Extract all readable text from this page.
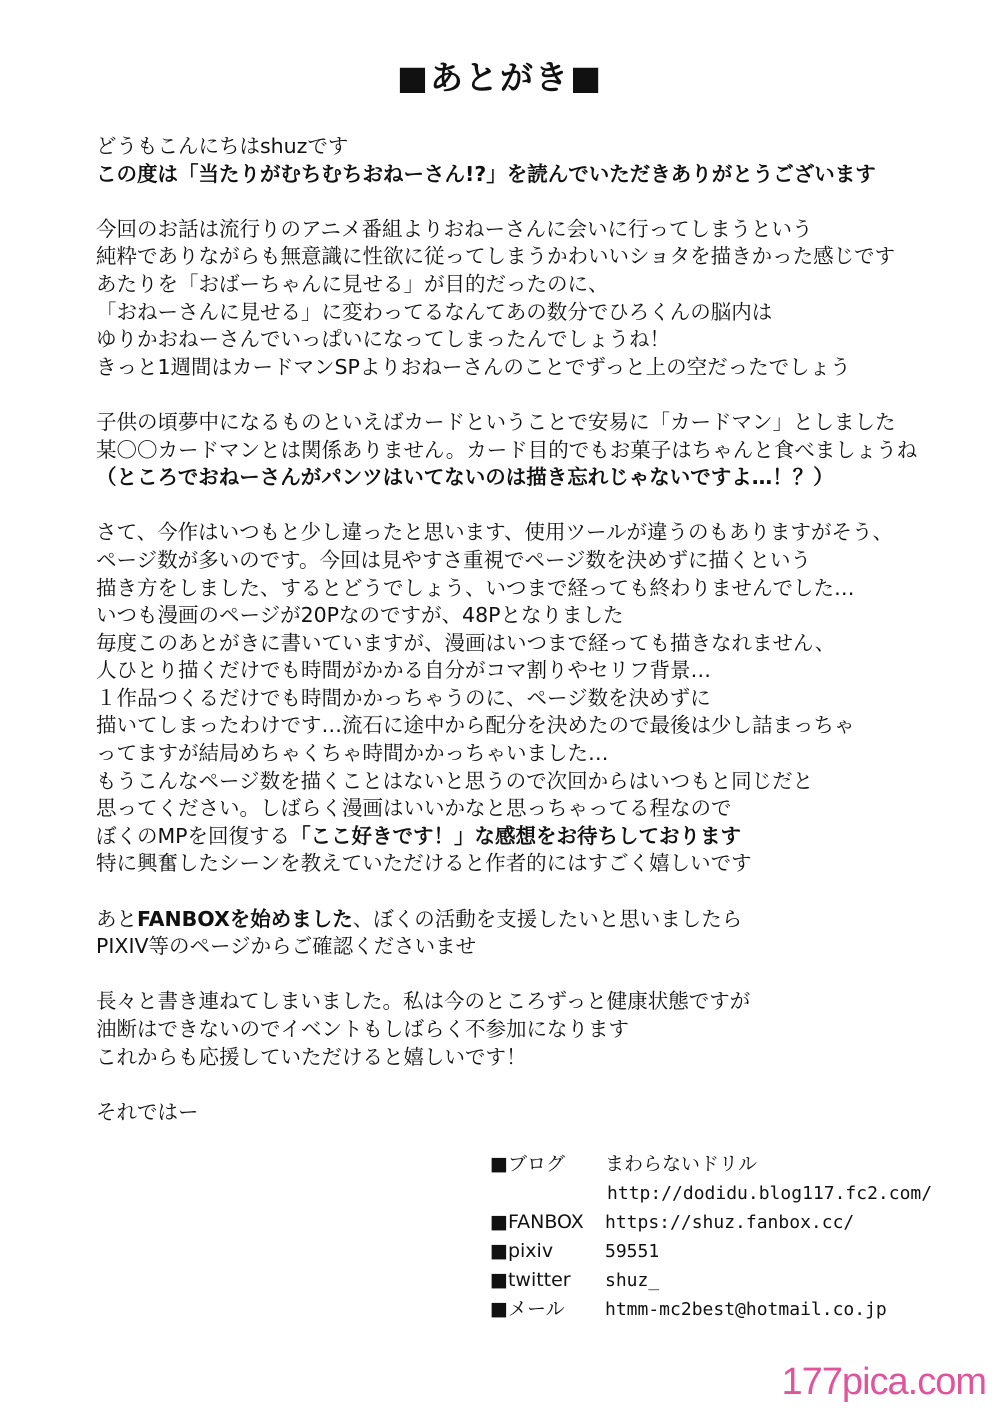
■あとがき■
どうもこんにちはshuzです
この度は「当たりがむちむちおねーさん!?」を読んでいただきありがとうございます
今回のお話は流行りのアニメ番組よりおねーさんに会いに行ってしまうという
純粋でありながらも無意識に性欲に従ってしまうかわいいショタを描きかった感じです
あたりを「おばーちゃんに見せる」が目的だったのに、
「おねーさんに見せる」に変わってるなんてあの数分でひろくんの脳内は
ゆりかおねーさんでいっぱいになってしまったんでしょうね！
きっと1週間はカードマンSPよりおねーさんのことでずっと上の空だったでしょう
子供の頃夢中になるものといえばカードということで安易に「カードマン」としました
某〇〇カードマンとは関係ありません。カード目的でもお菓子はちゃんと食べましょうね
（ところでおねーさんがパンツはいてないのは描き忘れじゃないですよ…！？）
さて、今作はいつもと少し違ったと思います、使用ツールが違うのもありますがそう、
ページ数が多いのです。今回は見やすさ重視でページ数を決めずに描くという
描き方をしました、するとどうでしょう、いつまで経っても終わりませんでした…
いつも漫画のページが20Pなのですが、48Pとなりました
毎度このあとがきに書いていますが、漫画はいつまで経っても描きなれません、
人ひとり描くだけでも時間がかかる自分がコマ割りやセリフ背景…
１作品つくるだけでも時間かかっちゃうのに、ページ数を決めずに
描いてしまったわけです…流石に途中から配分を決めたので最後は少し詰まっちゃ
ってますが結局めちゃくちゃ時間かかっちゃいました…
もうこんなページ数を描くことはないと思うので次回からはいつもと同じだと
思ってください。しばらく漫画はいいかなと思っちゃってる程なので
ぼくのMPを回復する「ここ好きです！」な感想をお待ちしております
特に興奮したシーンを教えていただけると作者的にはすごく嬉しいです
あとFANBOXを始めました、ぼくの活動を支援したいと思いましたら
PIXIV等のページからご確認くださいませ
長々と書き連ねてしまいました。私は今のところずっと健康状態ですが
油断はできないのでイベントもしばらく不参加になります
これからも応援していただけると嬉しいです！
それではー
■ブログ	まわらないドリル
http://dodidu.blog117.fc2.com/
■FANBOX	https://shuz.fanbox.cc/
■pixiv	59551
■twitter	shuz_
■メール	htmm-mc2best@hotmail.co.jp
177pica.com
